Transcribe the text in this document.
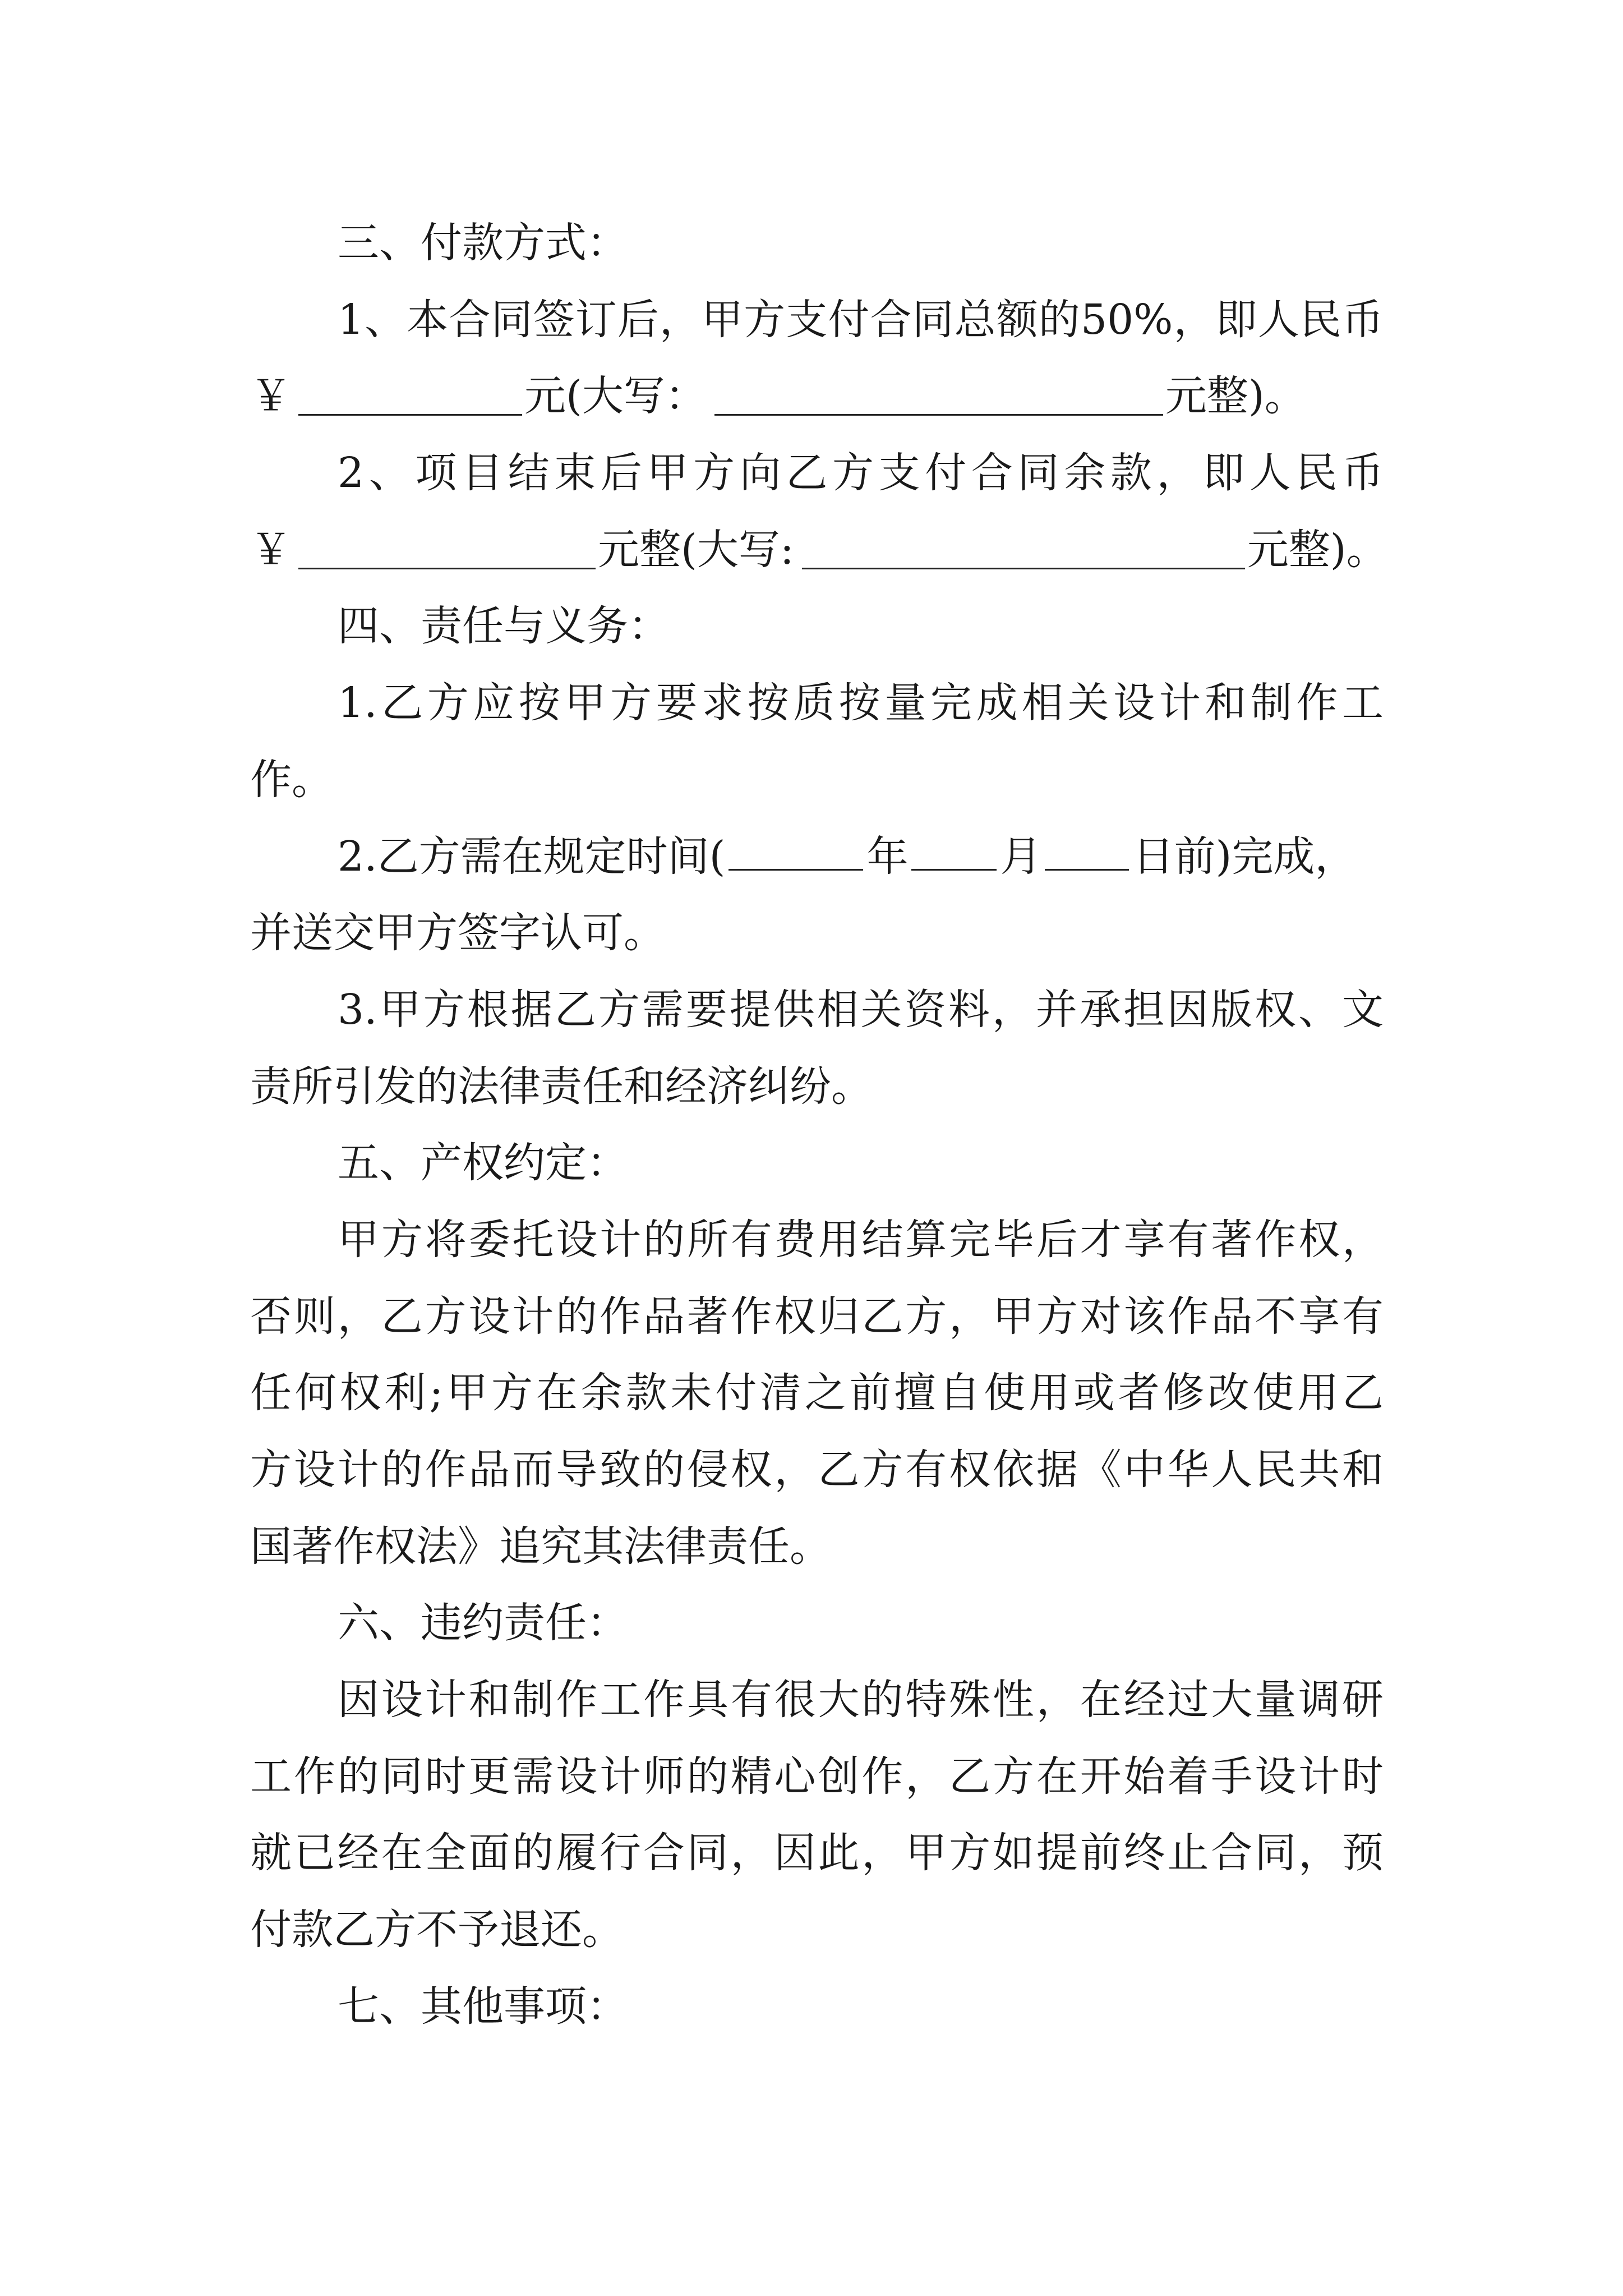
三、付款方式：
1、本合同签订后，甲方支付合同总额的50%，即人民币
￥	元(大写：	元整)。
2、项目结束后甲方向乙方支付合同余款，即人民币
￥	元整(大写:	元整)。
四、责任与义务：
1.乙方应按甲方要求按质按量完成相关设计和制作工
作。
2.乙方需在规定时间(	年 月 日前)完成，
并送交甲方签字认可。
3.甲方根据乙方需要提供相关资料，并承担因版权、文
责所引发的法律责任和经济纠纷。
五、产权约定：
甲方将委托设计的所有费用结算完毕后才享有著作权，
否则，乙方设计的作品著作权归乙方，甲方对该作品不享有
任何权利;甲方在余款未付清之前擅自使用或者修改使用乙
方设计的作品而导致的侵权，乙方有权依据《中华人民共和
国著作权法》追究其法律责任。
六、违约责任：
因设计和制作工作具有很大的特殊性，在经过大量调研
工作的同时更需设计师的精心创作，乙方在开始着手设计时
就已经在全面的履行合同，因此，甲方如提前终止合同，预
付款乙方不予退还。
七、其他事项：
